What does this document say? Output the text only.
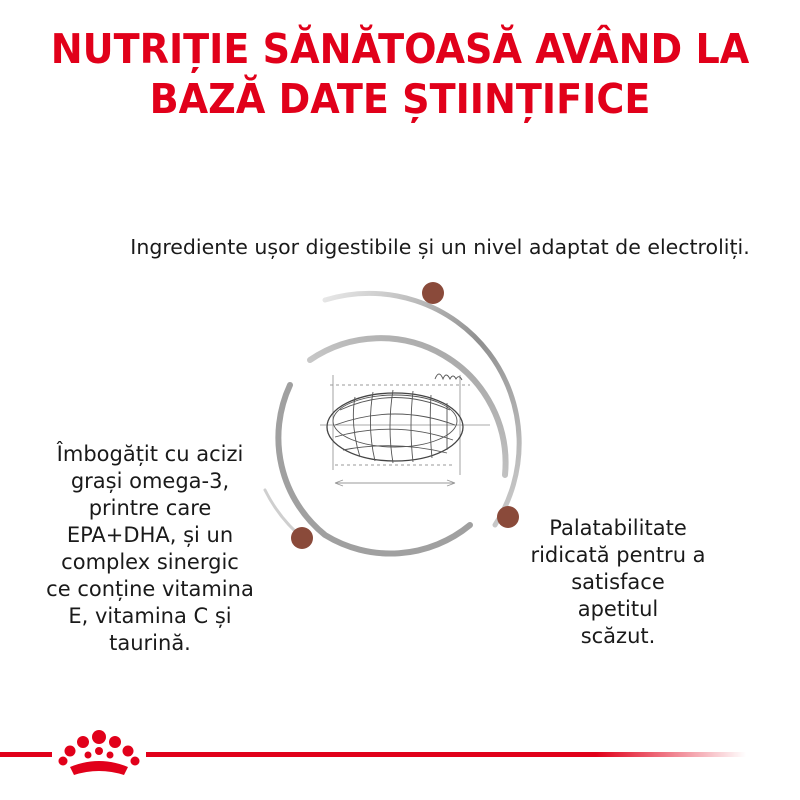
NUTRIȚIE SĂNĂTOASĂ AVÂND LA
BAZĂ DATE ȘTIINȚIFICE
Ingrediente ușor digestibile și un nivel adaptat de electroliți.
Îmbogățit cu acizi
grași omega-3,
printre care
EPA+DHA, și un
complex sinergic
ce conține vitamina
E, vitamina C și
taurină.
Palatabilitate
ridicată pentru a
satisface apetitul
scăzut.
